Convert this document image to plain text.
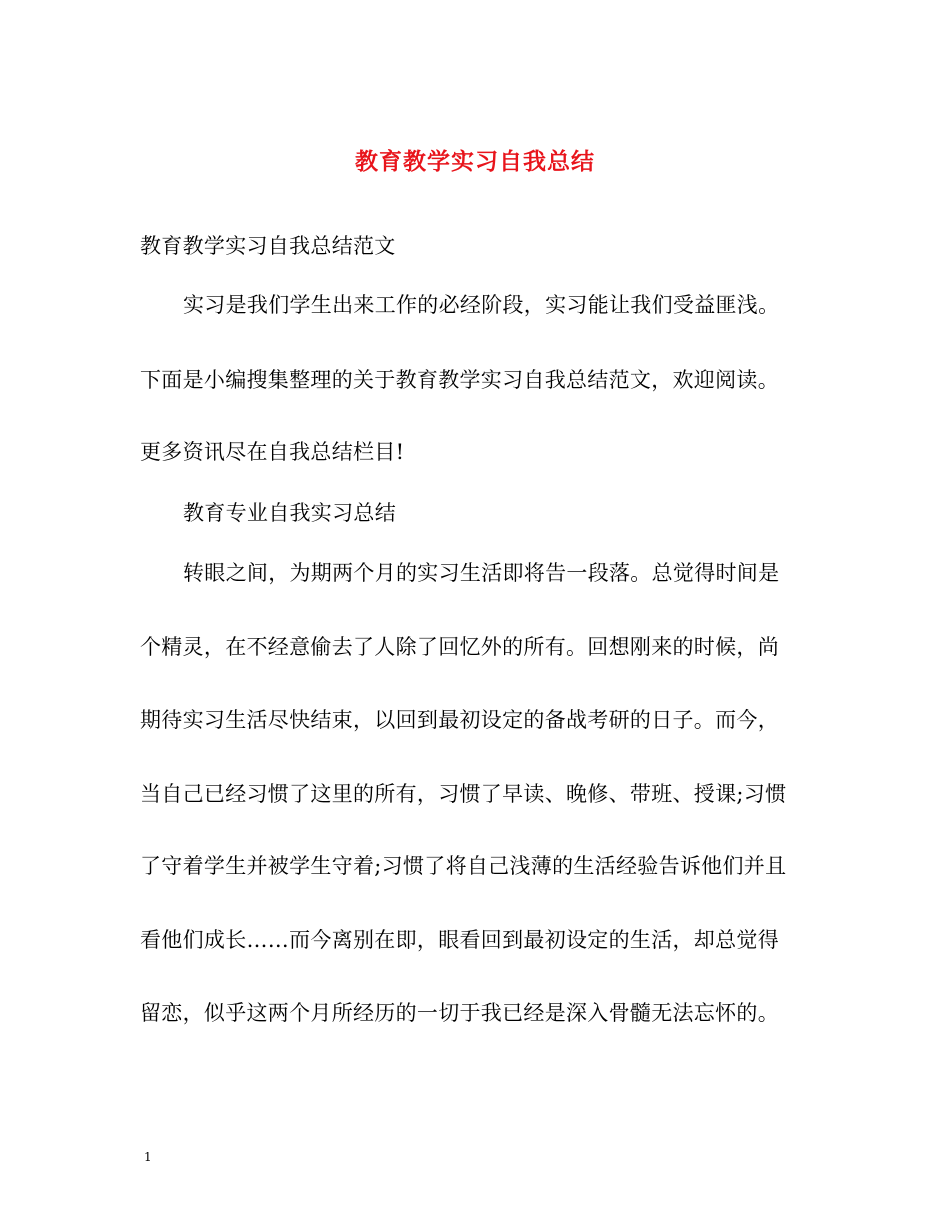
教育教学实习自我总结
教育教学实习自我总结范文
实习是我们学生出来工作的必经阶段，实习能让我们受益匪浅。
下面是小编搜集整理的关于教育教学实习自我总结范文，欢迎阅读。
更多资讯尽在自我总结栏目!
教育专业自我实习总结
转眼之间，为期两个月的实习生活即将告一段落。总觉得时间是
个精灵，在不经意偷去了人除了回忆外的所有。回想刚来的时候，尚
期待实习生活尽快结束，以回到最初设定的备战考研的日子。而今，
当自己已经习惯了这里的所有，习惯了早读、晚修、带班、授课;习惯
了守着学生并被学生守着;习惯了将自己浅薄的生活经验告诉他们并且
看他们成长……而今离别在即，眼看回到最初设定的生活，却总觉得
留恋，似乎这两个月所经历的一切于我已经是深入骨髓无法忘怀的。
1
